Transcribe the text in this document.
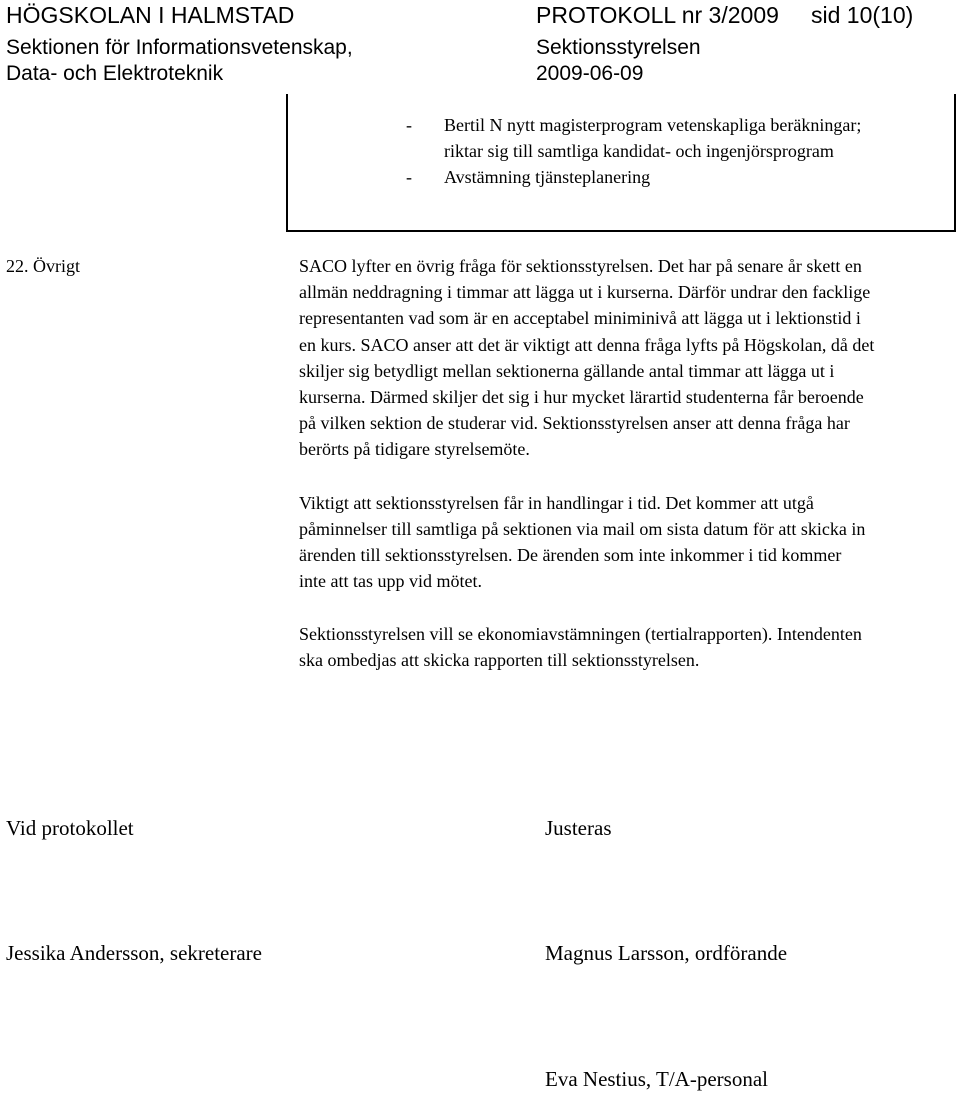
HÖGSKOLAN I HALMSTAD
Sektionen för Informationsvetenskap,
Data- och Elektroteknik
PROTOKOLL nr 3/2009
Sektionsstyrelsen
2009-06-09
sid 10(10)
- Bertil N nytt magisterprogram vetenskapliga beräkningar;
riktar sig till samtliga kandidat- och ingenjörsprogram
- Avstämning tjänsteplanering
22. Övrigt	SACO lyfter en övrig fråga för sektionsstyrelsen. Det har på senare år skett en
allmän neddragning i timmar att lägga ut i kurserna. Därför undrar den facklige
representanten vad som är en acceptabel miniminivå att lägga ut i lektionstid i
en kurs. SACO anser att det är viktigt att denna fråga lyfts på Högskolan, då det
skiljer sig betydligt mellan sektionerna gällande antal timmar att lägga ut i
kurserna. Därmed skiljer det sig i hur mycket lärartid studenterna får beroende
på vilken sektion de studerar vid. Sektionsstyrelsen anser att denna fråga har
berörts på tidigare styrelsemöte.
Viktigt att sektionsstyrelsen får in handlingar i tid. Det kommer att utgå
påminnelser till samtliga på sektionen via mail om sista datum för att skicka in
ärenden till sektionsstyrelsen. De ärenden som inte inkommer i tid kommer
inte att tas upp vid mötet.
Sektionsstyrelsen vill se ekonomiavstämningen (tertialrapporten). Intendenten
ska ombedjas att skicka rapporten till sektionsstyrelsen.
Vid protokollet	Justeras
Jessika Andersson, sekreterare	Magnus Larsson, ordförande
Eva Nestius, T/A-personal
